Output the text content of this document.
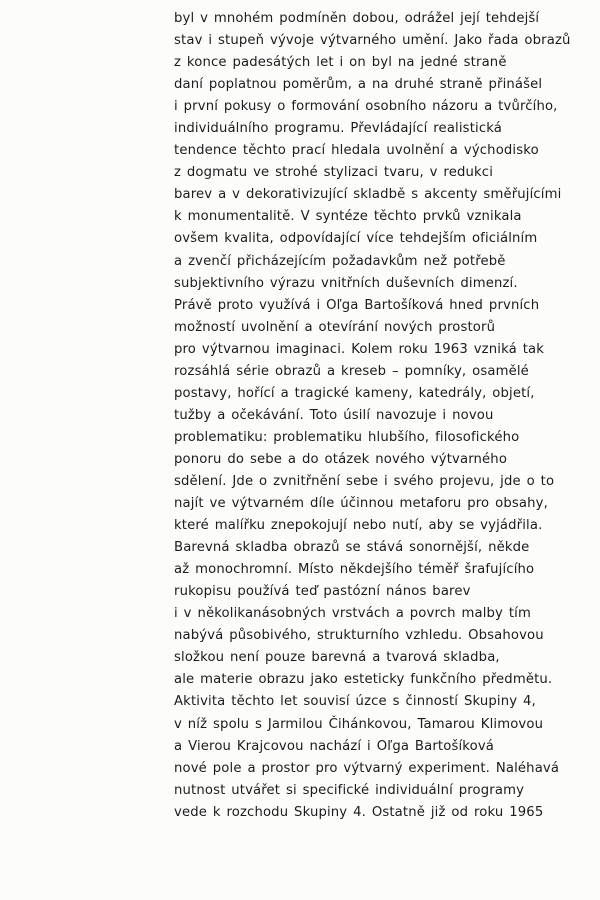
byl v mnohém podmíněn dobou, odrážel její tehdejší
stav i stupeň vývoje výtvarného umění. Jako řada obrazů
z konce padesátých let i on byl na jedné straně
daní poplatnou poměrům, a na druhé straně přinášel
i první pokusy o formování osobního názoru a tvůrčího,
individuálního programu. Převládající realistická
tendence těchto prací hledala uvolnění a východisko
z dogmatu ve strohé stylizaci tvaru, v redukci
barev a v dekorativizující skladbě s akcenty směřujícími
k monumentalitě. V syntéze těchto prvků vznikala
ovšem kvalita, odpovídající více tehdejším oficiálním
a zvenčí přicházejícím požadavkům než potřebě
subjektivního výrazu vnitřních duševních dimenzí.
Právě proto využívá i Oľga Bartošíková hned prvních
možností uvolnění a otevírání nových prostorů
pro výtvarnou imaginaci. Kolem roku 1963 vzniká tak
rozsáhlá série obrazů a kreseb – pomníky, osamělé
postavy, hořící a tragické kameny, katedrály, objetí,
tužby a očekávání. Toto úsilí navozuje i novou
problematiku: problematiku hlubšího, filosofického
ponoru do sebe a do otázek nového výtvarného
sdělení. Jde o zvnitřnění sebe i svého projevu, jde o to
najít ve výtvarném díle účinnou metaforu pro obsahy,
které malířku znepokojují nebo nutí, aby se vyjádřila.
Barevná skladba obrazů se stává sonornější, někde
až monochromní. Místo někdejšího téměř šrafujícího
rukopisu používá teď pastózní nános barev
i v několikanásobných vrstvách a povrch malby tím
nabývá působivého, strukturního vzhledu. Obsahovou
složkou není pouze barevná a tvarová skladba,
ale materie obrazu jako esteticky funkčního předmětu.
Aktivita těchto let souvisí úzce s činností Skupiny 4,
v níž spolu s Jarmilou Čihánkovou, Tamarou Klimovou
a Vierou Krajcovou nachází i Oľga Bartošíková
nové pole a prostor pro výtvarný experiment. Naléhavá
nutnost utvářet si specifické individuální programy
vede k rozchodu Skupiny 4. Ostatně již od roku 1965
